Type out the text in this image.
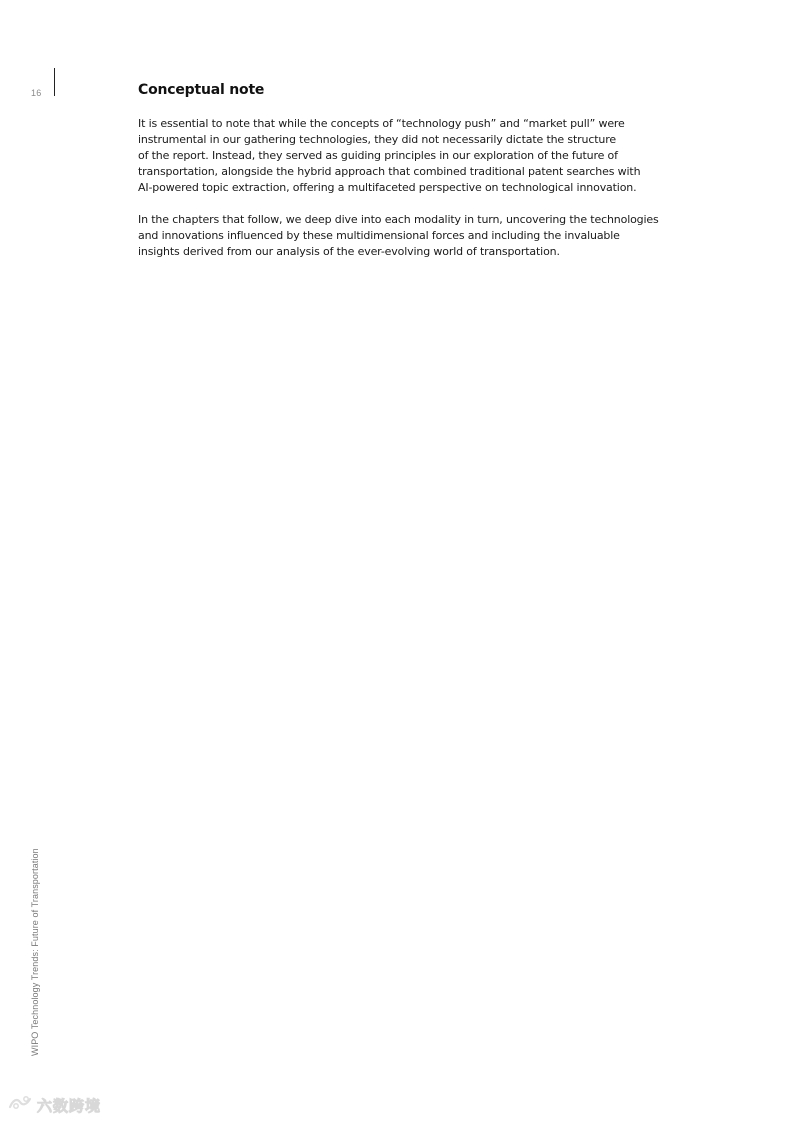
16	Conceptual note

It is essential to note that while the concepts of “technology push” and “market pull” were
instrumental in our gathering technologies, they did not necessarily dictate the structure
of the report. Instead, they served as guiding principles in our exploration of the future of
transportation, alongside the hybrid approach that combined traditional patent searches with
AI-powered topic extraction, offering a multifaceted perspective on technological innovation.

In the chapters that follow, we deep dive into each modality in turn, uncovering the technologies
and innovations influenced by these multidimensional forces and including the invaluable
insights derived from our analysis of the ever-evolving world of transportation.

WIPO Technology Trends: Future of Transportation
六数跨境
